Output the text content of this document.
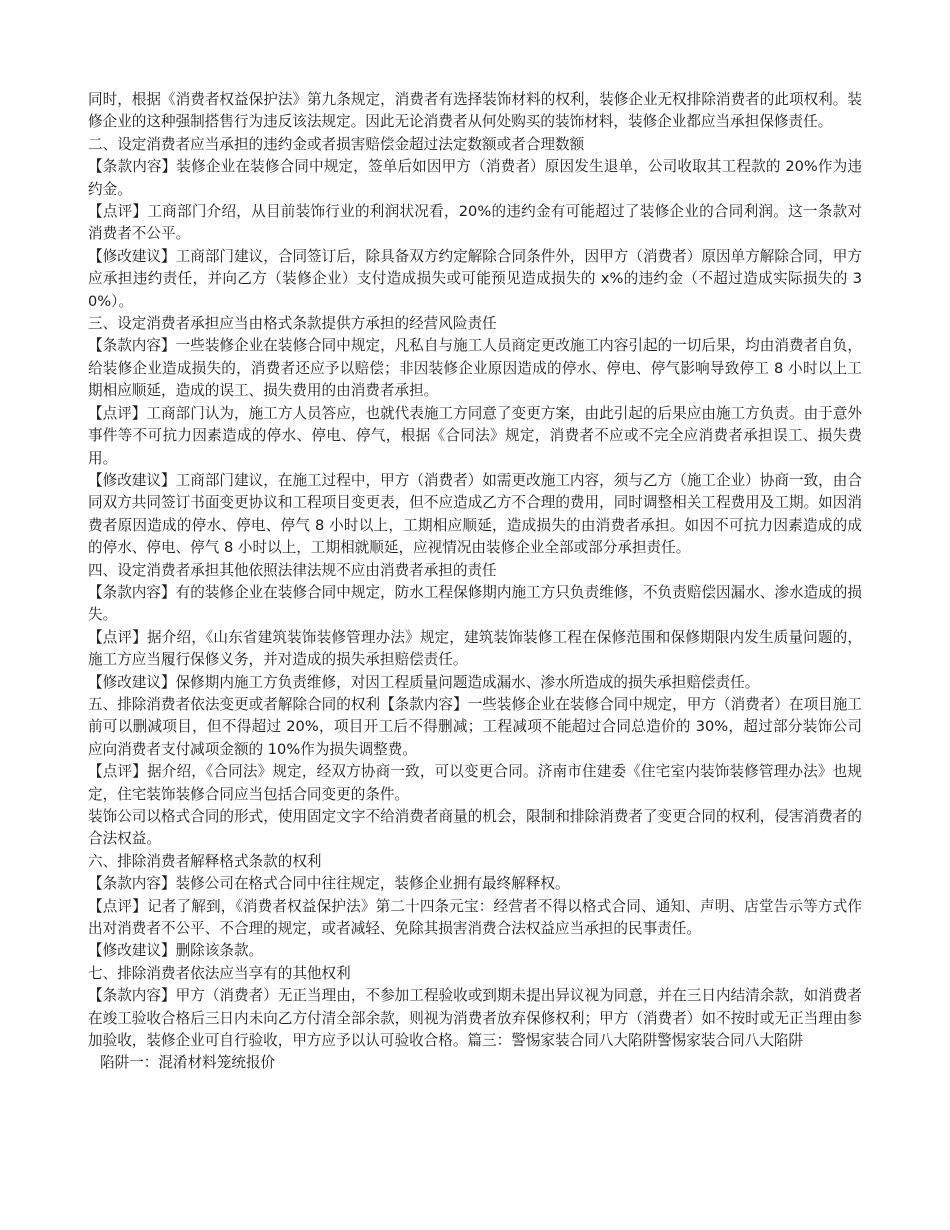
同时，根据《消费者权益保护法》第九条规定，消费者有选择装饰材料的权利，装修企业无权排除消费者的此项权利。装修企业的这种强制搭售行为违反该法规定。因此无论消费者从何处购买的装饰材料，装修企业都应当承担保修责任。

二、设定消费者应当承担的违约金或者损害赔偿金超过法定数额或者合理数额

【条款内容】装修企业在装修合同中规定，签单后如因甲方（消费者）原因发生退单，公司收取其工程款的 20%作为违约金。

【点评】工商部门介绍，从目前装饰行业的利润状况看，20%的违约金有可能超过了装修企业的合同利润。这一条款对消费者不公平。

【修改建议】工商部门建议，合同签订后，除具备双方约定解除合同条件外，因甲方（消费者）原因单方解除合同，甲方应承担违约责任，并向乙方（装修企业）支付造成损失或可能预见造成损失的 x%的违约金（不超过造成实际损失的 30%）。

三、设定消费者承担应当由格式条款提供方承担的经营风险责任

【条款内容】一些装修企业在装修合同中规定，凡私自与施工人员商定更改施工内容引起的一切后果，均由消费者自负，给装修企业造成损失的，消费者还应予以赔偿；非因装修企业原因造成的停水、停电、停气影响导致停工 8 小时以上工期相应顺延，造成的误工、损失费用的由消费者承担。

【点评】工商部门认为，施工方人员答应，也就代表施工方同意了变更方案，由此引起的后果应由施工方负责。由于意外事件等不可抗力因素造成的停水、停电、停气，根据《合同法》规定，消费者不应或不完全应消费者承担误工、损失费用。

【修改建议】工商部门建议，在施工过程中，甲方（消费者）如需更改施工内容，须与乙方（施工企业）协商一致，由合同双方共同签订书面变更协议和工程项目变更表，但不应造成乙方不合理的费用，同时调整相关工程费用及工期。如因消费者原因造成的停水、停电、停气 8 小时以上，工期相应顺延，造成损失的由消费者承担。如因不可抗力因素造成的成的停水、停电、停气 8 小时以上，工期相就顺延，应视情况由装修企业全部或部分承担责任。

四、设定消费者承担其他依照法律法规不应由消费者承担的责任

【条款内容】有的装修企业在装修合同中规定，防水工程保修期内施工方只负责维修，不负责赔偿因漏水、渗水造成的损失。

【点评】据介绍，《山东省建筑装饰装修管理办法》规定，建筑装饰装修工程在保修范围和保修期限内发生质量问题的，施工方应当履行保修义务，并对造成的损失承担赔偿责任。

【修改建议】保修期内施工方负责维修，对因工程质量问题造成漏水、渗水所造成的损失承担赔偿责任。

五、排除消费者依法变更或者解除合同的权利【条款内容】一些装修企业在装修合同中规定，甲方（消费者）在项目施工前可以删减项目，但不得超过 20%，项目开工后不得删减；工程减项不能超过合同总造价的 30%，超过部分装饰公司应向消费者支付减项金额的 10%作为损失调整费。

【点评】据介绍，《合同法》规定，经双方协商一致，可以变更合同。济南市住建委《住宅室内装饰装修管理办法》也规定，住宅装饰装修合同应当包括合同变更的条件。

装饰公司以格式合同的形式，使用固定文字不给消费者商量的机会，限制和排除消费者了变更合同的权利，侵害消费者的合法权益。

六、排除消费者解释格式条款的权利

【条款内容】装修公司在格式合同中往往规定，装修企业拥有最终解释权。

【点评】记者了解到，《消费者权益保护法》第二十四条元宝：经营者不得以格式合同、通知、声明、店堂告示等方式作出对消费者不公平、不合理的规定，或者减轻、免除其损害消费合法权益应当承担的民事责任。

【修改建议】删除该条款。

七、排除消费者依法应当享有的其他权利

【条款内容】甲方（消费者）无正当理由，不参加工程验收或到期未提出异议视为同意，并在三日内结清余款，如消费者在竣工验收合格后三日内未向乙方付清全部余款，则视为消费者放弃保修权利；甲方（消费者）如不按时或无正当理由参加验收，装修企业可自行验收，甲方应予以认可验收合格。篇三：警惕家装合同八大陷阱警惕家装合同八大陷阱

陷阱一：混淆材料笼统报价
